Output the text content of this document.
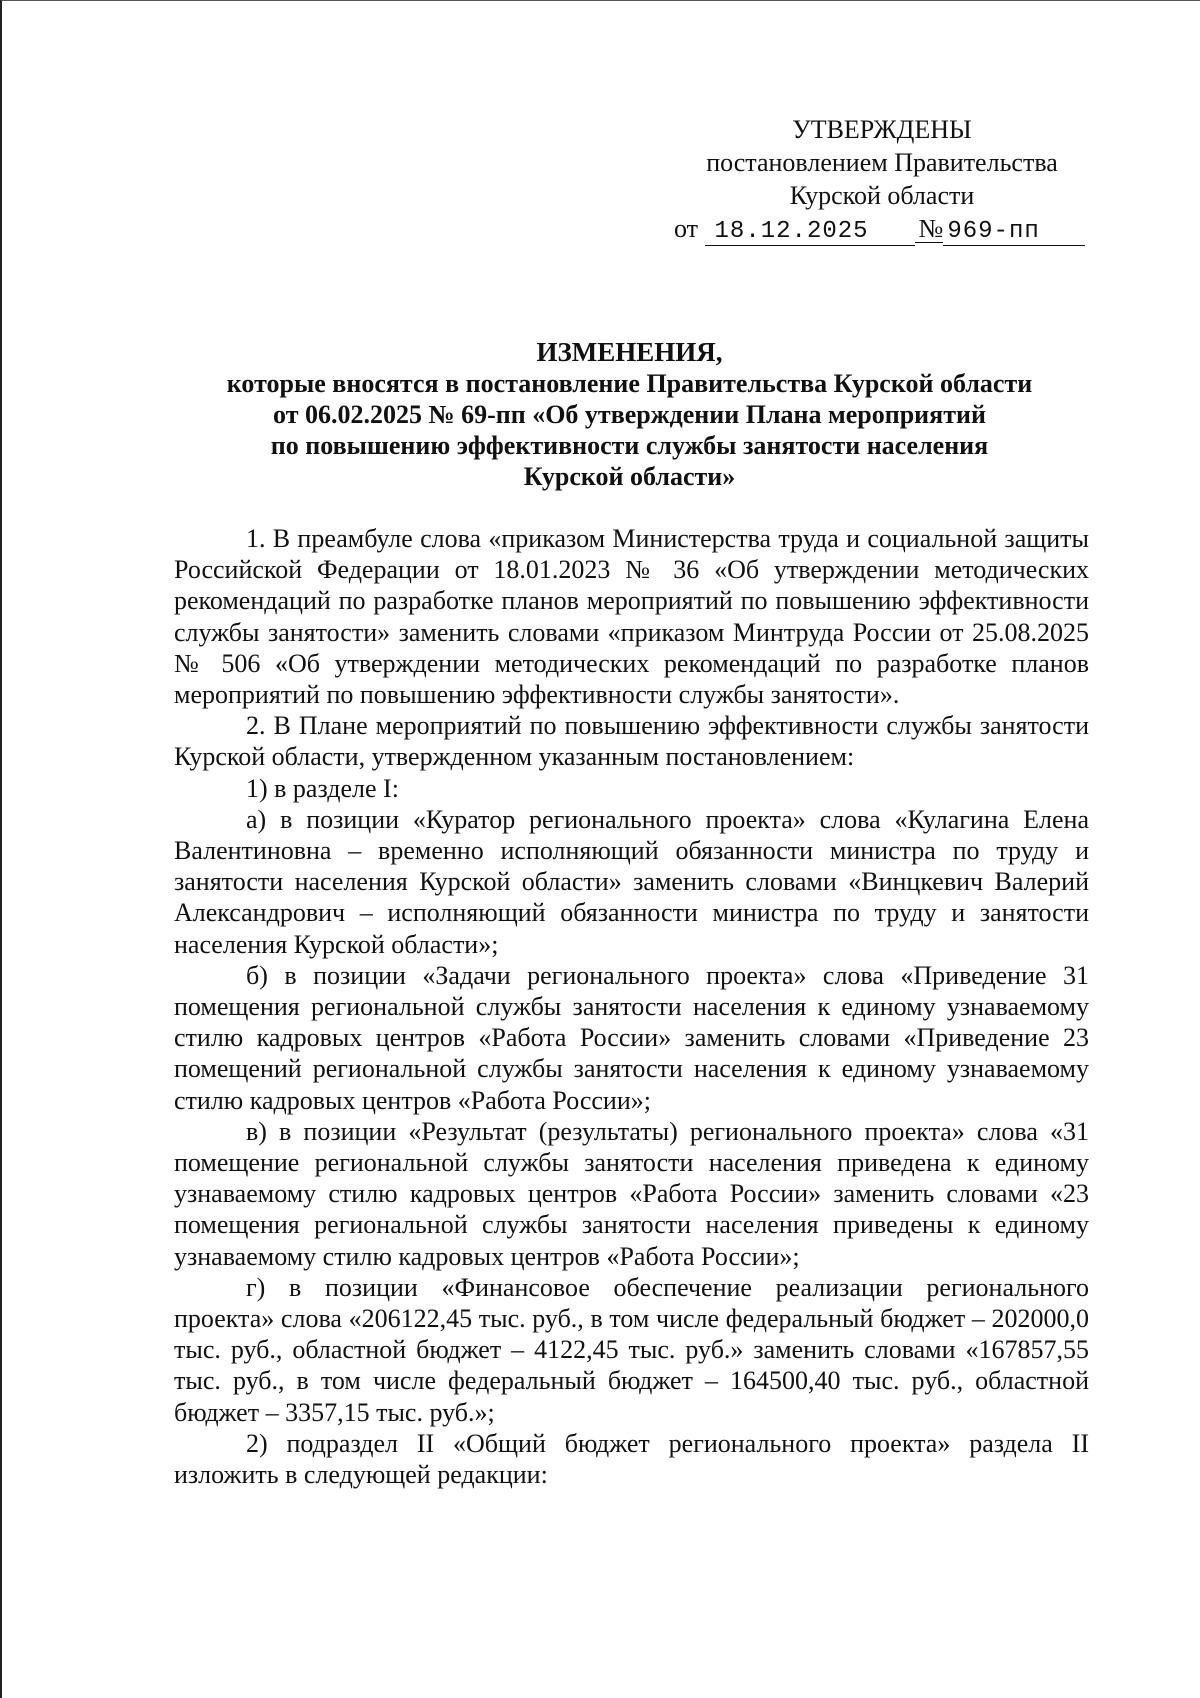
УТВЕРЖДЕНЫ
постановлением Правительства
Курской области
от 18.12.2025 № 969-пп
ИЗМЕНЕНИЯ,
которые вносятся в постановление Правительства Курской области
от 06.02.2025 № 69-пп «Об утверждении Плана мероприятий
по повышению эффективности службы занятости населения
Курской области»

1. В преамбуле слова «приказом Министерства труда и социальной защиты Российской Федерации от 18.01.2023 № 36 «Об утверждении методических рекомендаций по разработке планов мероприятий по повышению эффективности службы занятости» заменить словами «приказом Минтруда России от 25.08.2025 № 506 «Об утверждении методических рекомендаций по разработке планов мероприятий по повышению эффективности службы занятости».

2. В Плане мероприятий по повышению эффективности службы занятости Курской области, утвержденном указанным постановлением:

1) в разделе I:

а) в позиции «Куратор регионального проекта» слова «Кулагина Елена Валентиновна – временно исполняющий обязанности министра по труду и занятости населения Курской области» заменить словами «Винцкевич Валерий Александрович – исполняющий обязанности министра по труду и занятости населения Курской области»;

б) в позиции «Задачи регионального проекта» слова «Приведение 31 помещения региональной службы занятости населения к единому узнаваемому стилю кадровых центров «Работа России» заменить словами «Приведение 23 помещений региональной службы занятости населения к единому узнаваемому стилю кадровых центров «Работа России»;

в) в позиции «Результат (результаты) регионального проекта» слова «31 помещение региональной службы занятости населения приведена к единому узнаваемому стилю кадровых центров «Работа России» заменить словами «23 помещения региональной службы занятости населения приведены к единому узнаваемому стилю кадровых центров «Работа России»;

г) в позиции «Финансовое обеспечение реализации регионального проекта» слова «206122,45 тыс. руб., в том числе федеральный бюджет – 202000,0 тыс. руб., областной бюджет – 4122,45 тыс. руб.» заменить словами «167857,55 тыс. руб., в том числе федеральный бюджет – 164500,40 тыс. руб., областной бюджет – 3357,15 тыс. руб.»;

2) подраздел II «Общий бюджет регионального проекта» раздела II изложить в следующей редакции:
